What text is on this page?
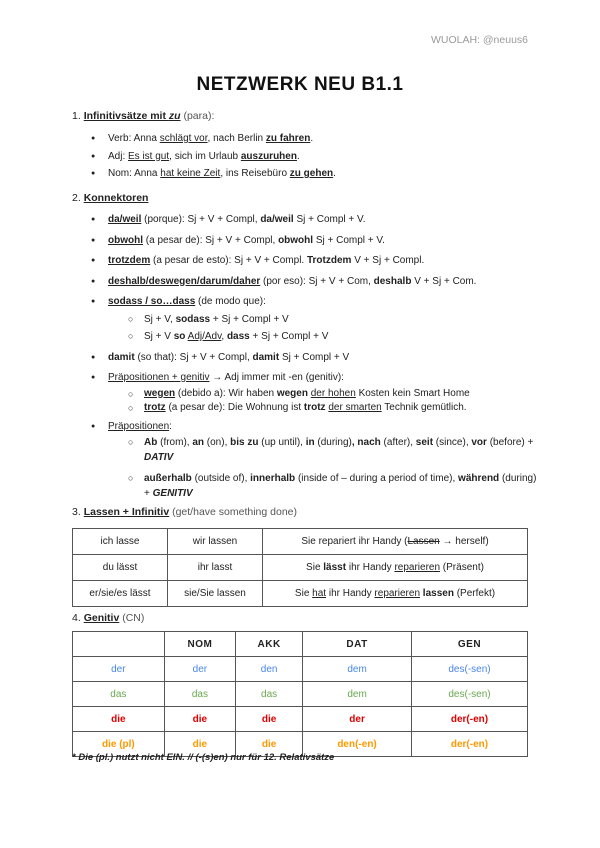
WUOLAH: @neuus6
NETZWERK NEU B1.1
1. Infinitivsätze mit zu (para):
● Verb: Anna schlägt vor, nach Berlin zu fahren.
● Adj: Es ist gut, sich im Urlaub auszuruhen.
● Nom: Anna hat keine Zeit, ins Reisebüro zu gehen.
2. Konnektoren
● da/weil (porque): Sj + V + Compl, da/weil Sj + Compl + V.
● obwohl (a pesar de): Sj + V + Compl, obwohl Sj + Compl + V.
● trotzdem (a pesar de esto): Sj + V + Compl. Trotzdem V + Sj + Compl.
● deshalb/deswegen/darum/daher (por eso): Sj + V + Com, deshalb V + Sj + Com.
● sodass / so…dass (de modo que):
○ Sj + V, sodass + Sj + Compl + V
○ Sj + V so Adj/Adv, dass + Sj + Compl + V
● damit (so that): Sj + V + Compl, damit Sj + Compl + V
● Präpositionen + genitiv → Adj immer mit -en (genitiv):
○ wegen (debido a): Wir haben wegen der hohen Kosten kein Smart Home
○ trotz (a pesar de): Die Wohnung ist trotz der smarten Technik gemütlich.
● Präpositionen:
○ Ab (from), an (on), bis zu (up until), in (during), nach (after), seit (since), vor (before) + DATIV
○ außerhalb (outside of), innerhalb (inside of – during a period of time), während (during) + GENITIV
3. Lassen + Infinitiv (get/have something done)
ich lasse	wir lassen	Sie repariert ihr Handy (Lassen → herself)
du lässt	ihr lasst	Sie lässt ihr Handy reparieren (Präsent)
er/sie/es lässt	sie/Sie lassen	Sie hat ihr Handy reparieren lassen (Perfekt)
4. Genitiv (CN)
	NOM	AKK	DAT	GEN
der	der	den	dem	des(-sen)
das	das	das	dem	des(-sen)
die	die	die	der	der(-en)
die (pl)	die	die	den(-en)	der(-en)
* Die (pl.) nutzt nicht EIN. // (-(s)en) nur für 12. Relativsätze
